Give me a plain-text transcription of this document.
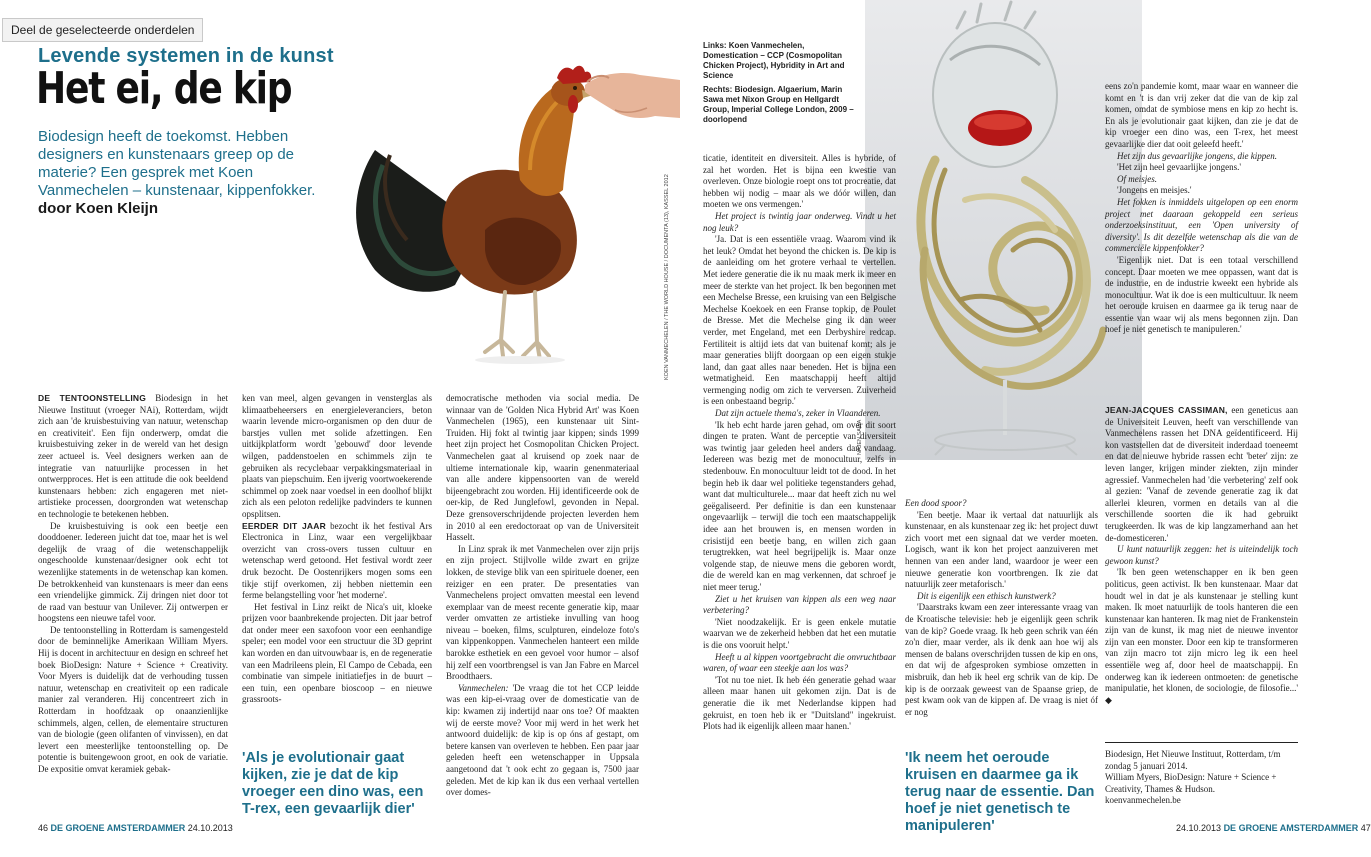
Deel de geselecteerde onderdelen
Levende systemen in de kunst
Het ei, de kip
Biodesign heeft de toekomst. Hebben designers en kunstenaars greep op de materie? Een gesprek met Koen Vanmechelen – kunstenaar, kippenfokker. door Koen Kleijn	KOEN VANMECHELEN / THE WORLD HOUSE / DOCUMENTA (13), KASSEL 2012
NAJEN SAWA
Links: Koen Vanmechelen, Domestication – CCP (Cosmopolitan Chicken Project), Hybridity in Art and Science
Rechts: Biodesign. Algaerium, Marin Sawa met Nixon Group en Hellgardt Group, Imperial College London, 2009 – doorlopend

DE TENTOONSTELLING Biodesign in het Nieuwe Instituut (vroeger NAi), Rotterdam, wijdt zich aan 'de kruisbestuiving van natuur, wetenschap en creativiteit'. Een fijn onderwerp, omdat die kruisbestuiving zeker in de wereld van het design zeer actueel is. Veel designers werken aan de integratie van natuurlijke processen in het ontwerpproces. Het is een attitude die ook beeldend kunstenaars hebben: zich engageren met niet-artistieke processen, doorgronden wat wetenschap en technologie te betekenen hebben.

De kruisbestuiving is ook een beetje een dooddoener. Iedereen juicht dat toe, maar het is wel degelijk de vraag of die wetenschappelijk ongeschoolde kunstenaar/designer ook echt tot wezenlijke statements in de wetenschap kan komen. De betrokkenheid van kunstenaars is meer dan eens een vriendelijke gimmick. Zij dringen niet door tot de raad van bestuur van Unilever. Zij ontwerpen er hoogstens een nieuwe tafel voor.

De tentoonstelling in Rotterdam is samengesteld door de beminnelijke Amerikaan William Myers. Hij is docent in architectuur en design en schreef het boek BioDesign: Nature + Science + Creativity. Voor Myers is duidelijk dat de verhouding tussen natuur, wetenschap en creativiteit op een radicale manier zal veranderen. Hij concentreert zich in Rotterdam in hoofdzaak op onaanzienlijke schimmels, algen, cellen, de elementaire structuren van de biologie (geen olifanten of vinvissen), en dat levert een meesterlijke tentoonstelling op. De potentie is buitengewoon groot, en ook de variatie. De expositie omvat keramiek gebak-

ken van meel, algen gevangen in vensterglas als klimaatbeheersers en energieleveranciers, beton waarin levende micro-organismen op den duur de barstjes vullen met solide afzettingen. Een uitkijkplatform wordt 'gebouwd' door levende wilgen, paddenstoelen en schimmels zijn te gebruiken als recyclebaar verpakkingsmateriaal in plaats van piepschuim. Een ijverig voortwoekerende schimmel op zoek naar voedsel in een doolhof blijkt zich als een peloton redelijke padvinders te kunnen opsplitsen.

EERDER DIT JAAR bezocht ik het festival Ars Electronica in Linz, waar een vergelijkbaar overzicht van cross-overs tussen cultuur en wetenschap werd getoond. Het festival wordt zeer druk bezocht. De Oostenrijkers mogen soms een tikje stijf overkomen, zij hebben niettemin een ferme belangstelling voor 'het moderne'.

Het festival in Linz reikt de Nica's uit, kloeke prijzen voor baanbrekende projecten. Dit jaar betrof dat onder meer een saxofoon voor een eenhandige speler; een model voor een structuur die 3D geprint kan worden en dan uitvouwbaar is, en de regeneratie van een Madrileens plein, El Campo de Cebada, een combinatie van simpele initiatiefjes in de buurt – een tuin, een openbare bioscoop – en nieuwe grassroots-

democratische methoden via social media. De winnaar van de 'Golden Nica Hybrid Art' was Koen Vanmechelen (1965), een kunstenaar uit Sint-Truiden. Hij fokt al twintig jaar kippen; sinds 1999 heet zijn project het Cosmopolitan Chicken Project. Vanmechelen gaat al kruisend op zoek naar de ultieme internationale kip, waarin genenmateriaal van alle andere kippensoorten van de wereld bijeengebracht zou worden. Hij identificeerde ook de oer-kip, de Red Junglefowl, gevonden in Nepal. Deze grensoverschrijdende projecten leverden hem in 2010 al een eredoctoraat op van de Universiteit Hasselt.

In Linz sprak ik met Vanmechelen over zijn prijs en zijn project. Stijlvolle wilde zwart en grijze lokken, de stevige blik van een spirituele doener, een reiziger en een prater. De presentaties van Vanmechelens project omvatten meestal een levend exemplaar van de meest recente generatie kip, maar verder omvatten ze artistieke invulling van hoog niveau – boeken, films, sculpturen, eindeloze foto's van kippenkoppen. Vanmechelen hanteert een milde barokke esthetiek en een gevoel voor humor – alsof hij zelf een voortbrengsel is van Jan Fabre en Marcel Broodthaers.

Vanmechelen: 'De vraag die tot het CCP leidde was een kip-ei-vraag over de domesticatie van de kip: kwamen zij indertijd naar ons toe? Of maakten wij de eerste move? Voor mij werd in het werk het antwoord duidelijk: de kip is op óns af gestapt, om betere kansen van overleven te hebben. Een paar jaar geleden heeft een wetenschapper in Uppsala aangetoond dat 't ook echt zo gegaan is, 7500 jaar geleden. Met de kip kan ik dus een verhaal vertellen over domes-

ticatie, identiteit en diversiteit. Alles is hybride, of zal het worden. Het is bijna een kwestie van overleven. Onze biologie roept ons tot procreatie, dat hebben wij nodig – maar als we dóór willen, dan moeten we ons vermengen.'

Het project is twintig jaar onderweg. Vindt u het nog leuk?

'Ja. Dat is een essentiële vraag. Waarom vind ik het leuk? Omdat het beyond the chicken is. De kip is de aanleiding om het grotere verhaal te vertellen. Met iedere generatie die ik nu maak merk ik meer en meer de sterkte van het project. Ik ben begonnen met een Mechelse Bresse, een kruising van een Belgische Mechelse Koekoek en een Franse topkip, de Poulet de Bresse. Met die Mechelse ging ik dan weer verder, met Engeland, met een Derbyshire redcap. Fertiliteit is altijd iets dat van buitenaf komt; als je maar generaties blijft doorgaan op een eigen stukje land, dan gaat alles naar beneden. Het is bijna een wetmatigheid. Een maatschappij heeft altijd vermenging nodig om zich te verversen. Zuiverheid is een onbestaand begrip.'

Dat zijn actuele thema's, zeker in Vlaanderen.

'Ik heb echt harde jaren gehad, om over dit soort dingen te praten. Want de perceptie van diversiteit was twintig jaar geleden heel anders dan vandaag. Iedereen was bezig met de monocultuur, zelfs in stedenbouw. En monocultuur leidt tot de dood. In het begin heb ik daar wel politieke tegenstanders gehad, want dat multiculturele... maar dat heeft zich nu wel geëgaliseerd. Per definitie is dan een kunstenaar ongevaarlijk – terwijl die toch een maatschappelijk idee aan het brouwen is, en mensen worden in crisistijd een beetje bang, en willen zich gaan terugtrekken, wat heel begrijpelijk is. Maar onze volgende stap, de nieuwe mens die geboren wordt, die de wereld kan en mag verkennen, dat schroef je niet meer terug.'

Ziet u het kruisen van kippen als een weg naar verbetering?

'Niet noodzakelijk. Er is geen enkele mutatie waarvan we de zekerheid hebben dat het een mutatie is die ons vooruit helpt.'

Heeft u al kippen voortgebracht die onvruchtbaar waren, of waar een steekje aan los was?

'Tot nu toe niet. Ik heb één generatie gehad waar alleen maar hanen uit gekomen zijn. Dat is de generatie die ik met Nederlandse kippen had gekruist, en toen heb ik er "Duitsland" ingekruist. Plots had ik eigenlijk alleen maar hanen.'

Een dood spoor?

'Een beetje. Maar ik vertaal dat natuurlijk als kunstenaar, en als kunstenaar zeg ik: het project duwt zich voort met een signaal dat we verder moeten. Logisch, want ik kon het project aanzuiveren met hennen van een ander land, waardoor je weer een nieuwe generatie kon voortbrengen. Ik zie dat natuurlijk zeer metaforisch.'

Dit is eigenlijk een ethisch kunstwerk?

'Daarstraks kwam een zeer interessante vraag van de Kroatische televisie: heb je eigenlijk geen schrik van de kip? Goede vraag. Ik heb geen schrik van één zo'n dier, maar verder, als ik denk aan hoe wij als mensen de balans overschrijden tussen de kip en ons, en dat wij de afgesproken symbiose omzetten in misbruik, dan heb ik heel erg schrik van de kip. De kip is de oorzaak geweest van de Spaanse griep, de pest kwam ook van de kippen af. De vraag is niet óf er nog

eens zo'n pandemie komt, maar waar en wanneer die komt en 't is dan vrij zeker dat die van de kip zal komen, omdat de symbiose mens en kip zo hecht is. En als je evolutionair gaat kijken, dan zie je dat de kip vroeger een dino was, een T-rex, het meest gevaarlijke dier dat ooit geleefd heeft.'

Het zijn dus gevaarlijke jongens, die kippen.

'Het zijn heel gevaarlijke jongens.'

Of meisjes.

'Jongens en meisjes.'

Het fokken is inmiddels uitgelopen op een enorm project met daaraan gekoppeld een serieus onderzoeksinstituut, een 'Open university of diversity'. Is dit dezelfde wetenschap als die van de commerciële kippenfokker?

'Eigenlijk niet. Dat is een totaal verschillend concept. Daar moeten we mee oppassen, want dat is de industrie, en de industrie kweekt een hybride als monocultuur. Wat ik doe is een multicultuur. Ik neem het oeroude kruisen en daarmee ga ik terug naar de essentie van waar wij als mens begonnen zijn. Dan hoef je niet genetisch te manipuleren.'

JEAN-JACQUES CASSIMAN, een geneticus aan de Universiteit Leuven, heeft van verschillende van Vanmechelens rassen het DNA geïdentificeerd. Hij kon vaststellen dat de diversiteit inderdaad toeneemt en dat de nieuwe hybride rassen echt 'beter' zijn: ze leven langer, krijgen minder ziekten, zijn minder agressief. Vanmechelen had 'die verbetering' zelf ook al gezien: 'Vanaf de zevende generatie zag ik dat allerlei kleuren, vormen en details van al die verschillende soorten die ik had gebruikt terugkeerden. Ik was de kip langzamerhand aan het de-domesticeren.'

U kunt natuurlijk zeggen: het is uiteindelijk toch gewoon kunst?

'Ik ben geen wetenschapper en ik ben geen politicus, geen activist. Ik ben kunstenaar. Maar dat houdt wel in dat je als kunstenaar je stelling kunt maken. Ik moet natuurlijk de tools hanteren die een kunstenaar kan hanteren. Ik mag niet de Frankenstein zijn van de kunst, ik mag niet de nieuwe inventor zijn van een monster. Door een kip te transformeren van zijn macro tot zijn micro leg ik een heel essentiële weg af, door heel de maatschappij. En onderweg kan ik iedereen ontmoeten: de genetische manipulatie, het klonen, de sociologie, de filosofie...' ◆

'Als je evolutionair gaat kijken, zie je dat de kip vroeger een dino was, een T-rex, een gevaarlijk dier'
'Ik neem het oeroude kruisen en daarmee ga ik terug naar de essentie. Dan hoef je niet genetisch te manipuleren'

Biodesign, Het Nieuwe Instituut, Rotterdam, t/m zondag 5 januari 2014.

William Myers, BioDesign: Nature + Science + Creativity, Thames & Hudson.

koenvanmechelen.be

46 DE GROENE AMSTERDAMMER 24.10.2013	24.10.2013 DE GROENE AMSTERDAMMER 47
